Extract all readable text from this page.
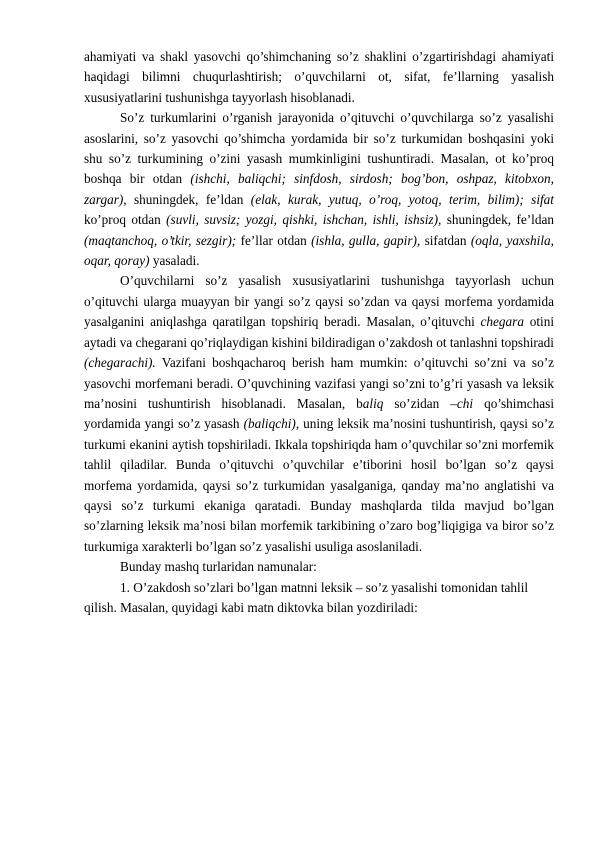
ahamiyati va shakl yasovchi qo’shimchaning so’z shaklini o’zgartirishdagi ahamiyati haqidagi bilimni chuqurlashtirish; o’quvchilarni ot, sifat, fe’llarning yasalish xususiyatlarini tushunishga tayyorlash hisoblanadi.

So’z turkumlarini o’rganish jarayonida o’qituvchi o’quvchilarga so’z yasalishi asoslarini, so’z yasovchi qo’shimcha yordamida bir so’z turkumidan boshqasini yoki shu so’z turkumining o’zini yasash mumkinligini tushuntiradi. Masalan, ot ko’proq boshqa bir otdan (ishchi, baliqchi; sinfdosh, sirdosh; bog’bon, oshpaz, kitobxon, zargar), shuningdek, fe’ldan (elak, kurak, yutuq, o’roq, yotoq, terim, bilim); sifat ko’proq otdan (suvli, suvsiz; yozgi, qishki, ishchan, ishli, ishsiz), shuningdek, fe’ldan (maqtanchoq, o’tkir, sezgir); fe’llar otdan (ishla, gulla, gapir), sifatdan (oqla, yaxshila, oqar, qoray) yasaladi.

O’quvchilarni so’z yasalish xususiyatlarini tushunishga tayyorlash uchun o’qituvchi ularga muayyan bir yangi so’z qaysi so’zdan va qaysi morfema yordamida yasalganini aniqlashga qaratilgan topshiriq beradi. Masalan, o’qituvchi chegara otini aytadi va chegarani qo’riqlaydigan kishini bildiradigan o’zakdosh ot tanlashni topshiradi (chegarachi). Vazifani boshqacharoq berish ham mumkin: o’qituvchi so’zni va so’z yasovchi morfemani beradi. O’quvchining vazifasi yangi so’zni to’g’ri yasash va leksik ma’nosini tushuntirish hisoblanadi. Masalan, baliq so’zidan –chi qo’shimchasi yordamida yangi so’z yasash (baliqchi), uning leksik ma’nosini tushuntirish, qaysi so’z turkumi ekanini aytish topshiriladi. Ikkala topshiriqda ham o’quvchilar so’zni morfemik tahlil qiladilar. Bunda o’qituvchi o’quvchilar e’tiborini hosil bo’lgan so’z qaysi morfema yordamida, qaysi so’z turkumidan yasalganiga, qanday ma’no anglatishi va qaysi so’z turkumi ekaniga qaratadi. Bunday mashqlarda tilda mavjud bo’lgan so’zlarning leksik ma’nosi bilan morfemik tarkibining o’zaro bog’liqigiga va biror so’z turkumiga xarakterli bo’lgan so’z yasalishi usuliga asoslaniladi.

Bunday mashq turlaridan namunalar:

1. O’zakdosh so’zlari bo’lgan matnni leksik – so’z yasalishi tomonidan tahlil qilish. Masalan, quyidagi kabi matn diktovka bilan yozdiriladi:
